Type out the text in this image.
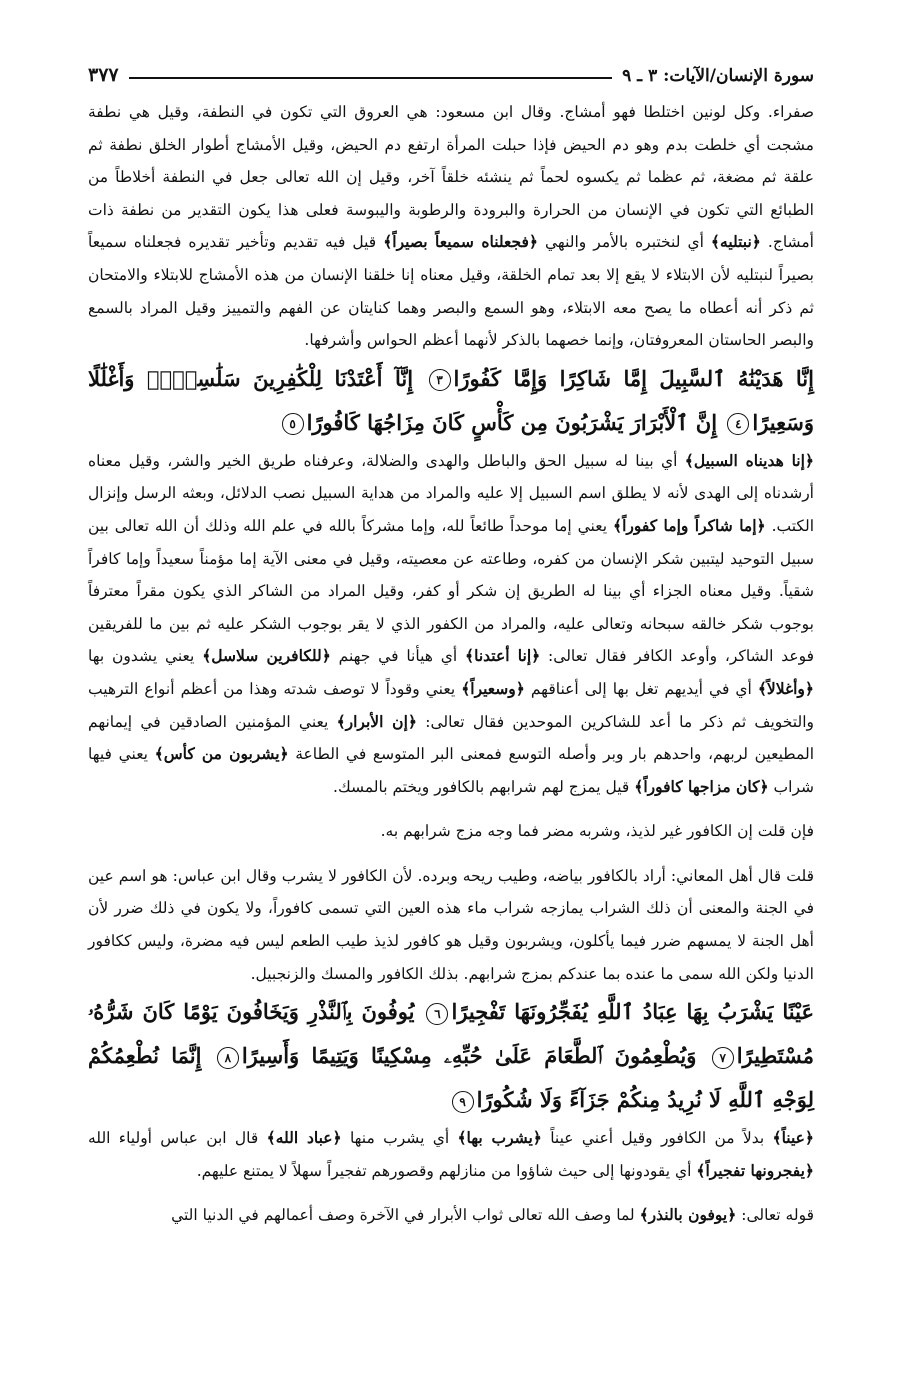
سورة الإنسان/الآيات: ٣ ـ ٩
٣٧٧

صفراء. وكل لونين اختلطا فهو أمشاج. وقال ابن مسعود: هي العروق التي تكون في النطفة، وقيل هي نطفة مشجت أي خلطت بدم وهو دم الحيض فإذا حبلت المرأة ارتفع دم الحيض، وقيل الأمشاج أطوار الخلق نطفة ثم علقة ثم مضغة، ثم عظما ثم يكسوه لحماً ثم ينشئه خلقاً آخر، وقيل إن الله تعالى جعل في النطفة أخلاطاً من الطبائع التي تكون في الإنسان من الحرارة والبرودة والرطوبة واليبوسة فعلى هذا يكون التقدير من نطفة ذات أمشاج. ﴿نبتليه﴾ أي لنختبره بالأمر والنهي ﴿فجعلناه سميعاً بصيراً﴾ قيل فيه تقديم وتأخير تقديره فجعلناه سميعاً بصيراً لنبتليه لأن الابتلاء لا يقع إلا بعد تمام الخلقة، وقيل معناه إنا خلقنا الإنسان من هذه الأمشاج للابتلاء والامتحان ثم ذكر أنه أعطاه ما يصح معه الابتلاء، وهو السمع والبصر وهما كنايتان عن الفهم والتمييز وقيل المراد بالسمع والبصر الحاستان المعروفتان، وإنما خصهما بالذكر لأنهما أعظم الحواس وأشرفها.

إِنَّا هَدَيْنَٰهُ ٱلسَّبِيلَ إِمَّا شَاكِرًا وَإِمَّا كَفُورًا٣ إِنَّآ أَعْتَدْنَا لِلْكَٰفِرِينَ سَلَٰسِلَا۟ وَأَغْلَٰلًا وَسَعِيرًا٤ إِنَّ ٱلْأَبْرَارَ يَشْرَبُونَ مِن كَأْسٍ كَانَ مِزَاجُهَا كَافُورًا٥

﴿إنا هديناه السبيل﴾ أي بينا له سبيل الحق والباطل والهدى والضلالة، وعرفناه طريق الخير والشر، وقيل معناه أرشدناه إلى الهدى لأنه لا يطلق اسم السبيل إلا عليه والمراد من هداية السبيل نصب الدلائل، وبعثه الرسل وإنزال الكتب. ﴿إما شاكراً وإما كفوراً﴾ يعني إما موحداً طائعاً لله، وإما مشركاً بالله في علم الله وذلك أن الله تعالى بين سبيل التوحيد ليتبين شكر الإنسان من كفره، وطاعته عن معصيته، وقيل في معنى الآية إما مؤمناً سعيداً وإما كافراً شقياً. وقيل معناه الجزاء أي بينا له الطريق إن شكر أو كفر، وقيل المراد من الشاكر الذي يكون مقراً معترفاً بوجوب شكر خالقه سبحانه وتعالى عليه، والمراد من الكفور الذي لا يقر بوجوب الشكر عليه ثم بين ما للفريقين فوعد الشاكر، وأوعد الكافر فقال تعالى: ﴿إنا أعتدنا﴾ أي هيأنا في جهنم ﴿للكافرين سلاسل﴾ يعني يشدون بها ﴿وأغلالاً﴾ أي في أيديهم تغل بها إلى أعناقهم ﴿وسعيراً﴾ يعني وقوداً لا توصف شدته وهذا من أعظم أنواع الترهيب والتخويف ثم ذكر ما أعد للشاكرين الموحدين فقال تعالى: ﴿إن الأبرار﴾ يعني المؤمنين الصادقين في إيمانهم المطيعين لربهم، واحدهم بار وبر وأصله التوسع فمعنى البر المتوسع في الطاعة ﴿يشربون من كأس﴾ يعني فيها شراب ﴿كان مزاجها كافوراً﴾ قيل يمزج لهم شرابهم بالكافور ويختم بالمسك.

فإن قلت إن الكافور غير لذيذ، وشربه مضر فما وجه مزج شرابهم به.

قلت قال أهل المعاني: أراد بالكافور بياضه، وطيب ريحه وبرده. لأن الكافور لا يشرب وقال ابن عباس: هو اسم عين في الجنة والمعنى أن ذلك الشراب يمازجه شراب ماء هذه العين التي تسمى كافوراً، ولا يكون في ذلك ضرر لأن أهل الجنة لا يمسهم ضرر فيما يأكلون، ويشربون وقيل هو كافور لذيذ طيب الطعم ليس فيه مضرة، وليس ككافور الدنيا ولكن الله سمى ما عنده بما عندكم بمزج شرابهم. بذلك الكافور والمسك والزنجبيل.

عَيْنًا يَشْرَبُ بِهَا عِبَادُ ٱللَّهِ يُفَجِّرُونَهَا تَفْجِيرًا٦ يُوفُونَ بِٱلنَّذْرِ وَيَخَافُونَ يَوْمًا كَانَ شَرُّهُۥ مُسْتَطِيرًا٧ وَيُطْعِمُونَ ٱلطَّعَامَ عَلَىٰ حُبِّهِۦ مِسْكِينًا وَيَتِيمًا وَأَسِيرًا٨ إِنَّمَا نُطْعِمُكُمْ لِوَجْهِ ٱللَّهِ لَا نُرِيدُ مِنكُمْ جَزَآءً وَلَا شُكُورًا٩

﴿عيناً﴾ بدلاً من الكافور وقيل أعني عيناً ﴿يشرب بها﴾ أي يشرب منها ﴿عباد الله﴾ قال ابن عباس أولياء الله ﴿يفجرونها تفجيراً﴾ أي يقودونها إلى حيث شاؤوا من منازلهم وقصورهم تفجيراً سهلاً لا يمتنع عليهم.

قوله تعالى: ﴿يوفون بالنذر﴾ لما وصف الله تعالى ثواب الأبرار في الآخرة وصف أعمالهم في الدنيا التي
